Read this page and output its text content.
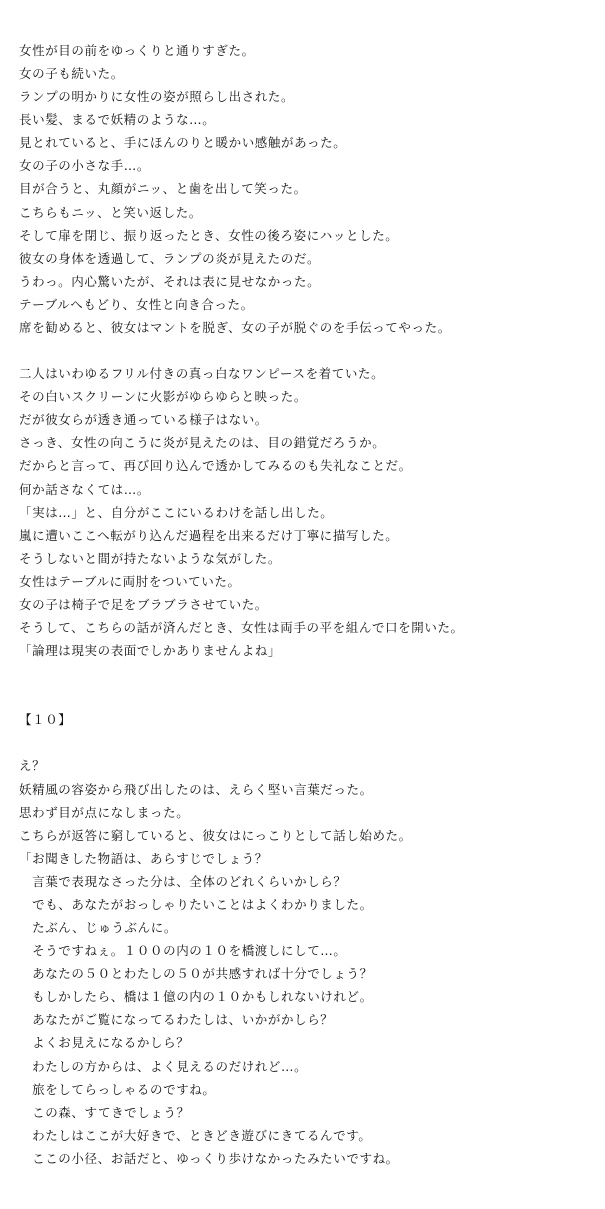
女性が目の前をゆっくりと通りすぎた。
女の子も続いた。
ランプの明かりに女性の姿が照らし出された。
長い髪、まるで妖精のような…。
見とれていると、手にほんのりと暖かい感触があった。
女の子の小さな手…。
目が合うと、丸顔がニッ、と歯を出して笑った。
こちらもニッ、と笑い返した。
そして扉を閉じ、振り返ったとき、女性の後ろ姿にハッとした。
彼女の身体を透過して、ランプの炎が見えたのだ。
うわっ。内心驚いたが、それは表に見せなかった。
テーブルへもどり、女性と向き合った。
席を勧めると、彼女はマントを脱ぎ、女の子が脱ぐのを手伝ってやった。
二人はいわゆるフリル付きの真っ白なワンピースを着ていた。
その白いスクリーンに火影がゆらゆらと映った。
だが彼女らが透き通っている様子はない。
さっき、女性の向こうに炎が見えたのは、目の錯覚だろうか。
だからと言って、再び回り込んで透かしてみるのも失礼なことだ。
何か話さなくては…。
「実は…」と、自分がここにいるわけを話し出した。
嵐に遭いここへ転がり込んだ過程を出来るだけ丁寧に描写した。
そうしないと間が持たないような気がした。
女性はテーブルに両肘をついていた。
女の子は椅子で足をブラブラさせていた。
そうして、こちらの話が済んだとき、女性は両手の平を組んで口を開いた。
「論理は現実の表面でしかありませんよね」
【１０】
え？
妖精風の容姿から飛び出したのは、えらく堅い言葉だった。
思わず目が点になしまった。
こちらが返答に窮していると、彼女はにっこりとして話し始めた。
「お聞きした物語は、あらすじでしょう？
　言葉で表現なさった分は、全体のどれくらいかしら？
　でも、あなたがおっしゃりたいことはよくわかりました。
　たぶん、じゅうぶんに。
　そうですねぇ。１００の内の１０を橋渡しにして…。
　あなたの５０とわたしの５０が共感すれば十分でしょう？
　もしかしたら、橋は１億の内の１０かもしれないけれど。
　あなたがご覧になってるわたしは、いかがかしら？
　よくお見えになるかしら？
　わたしの方からは、よく見えるのだけれど…。
　旅をしてらっしゃるのですね。
　この森、すてきでしょう？
　わたしはここが大好きで、ときどき遊びにきてるんです。
　ここの小径、お話だと、ゆっくり歩けなかったみたいですね。
